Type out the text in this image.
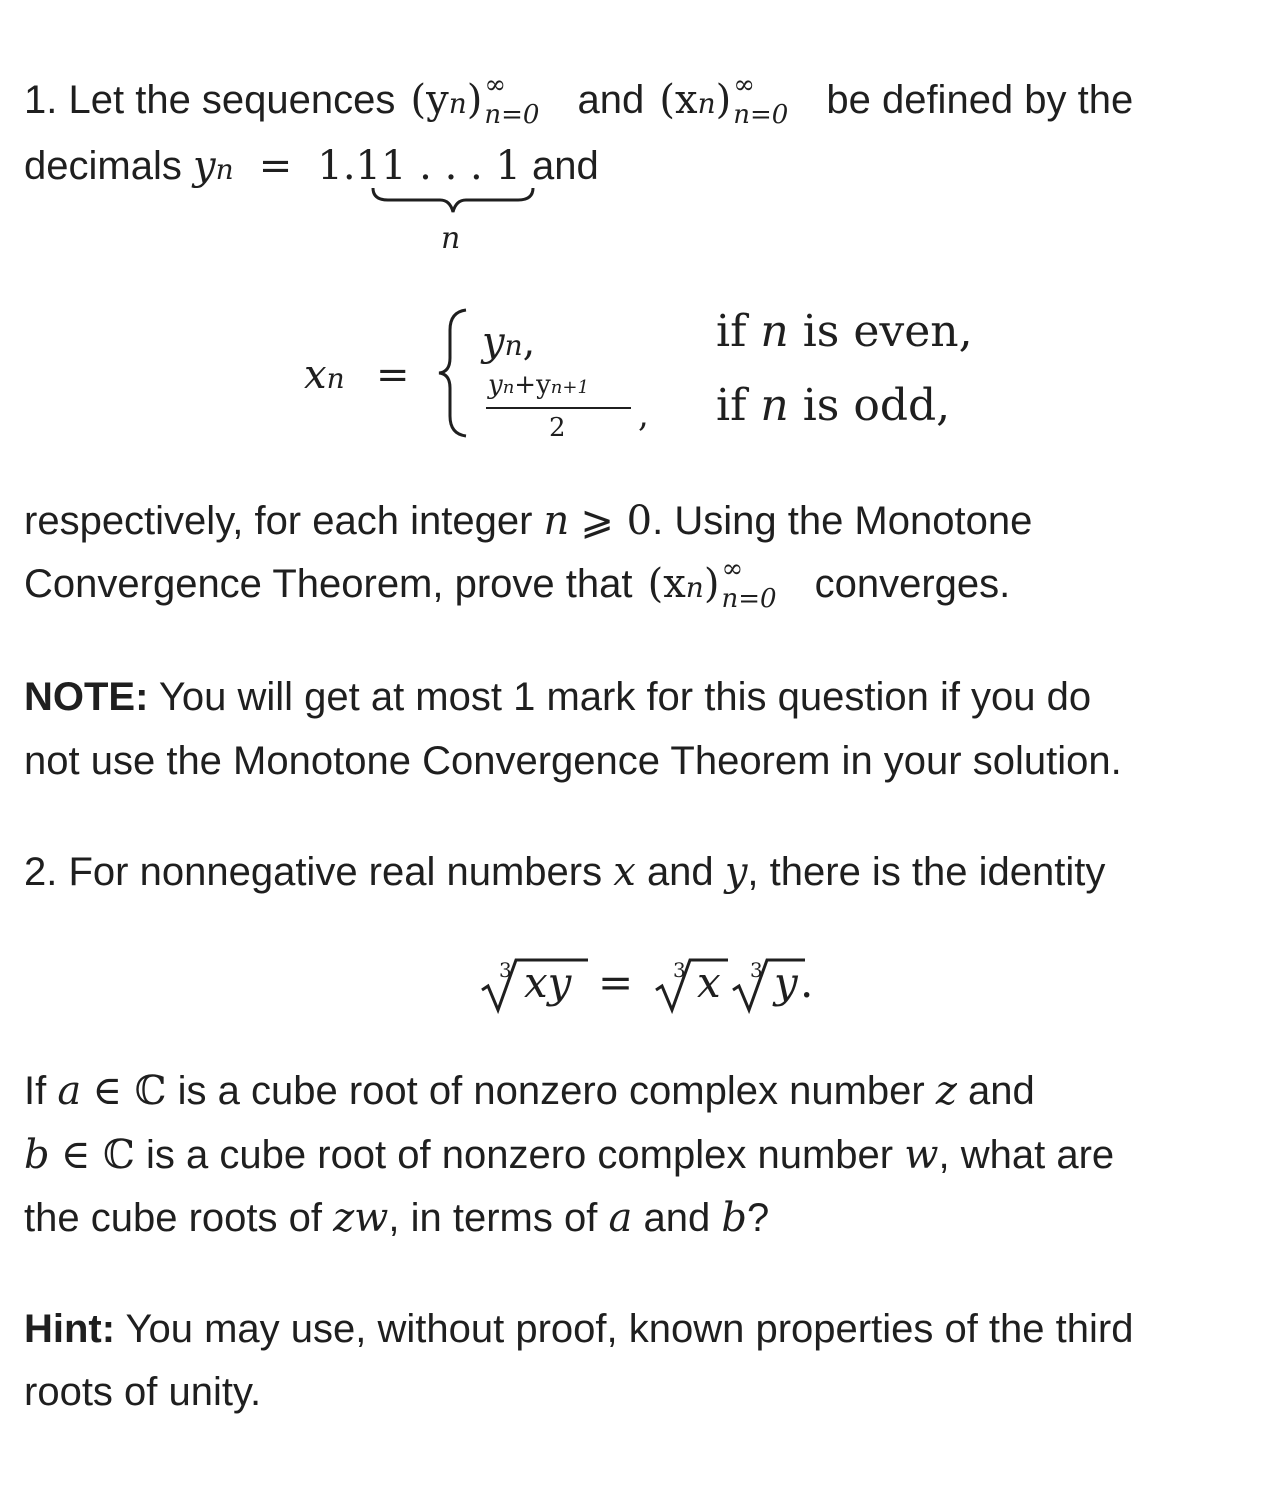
1. Let the sequences (yn) ∞
n=0 and (xn) ∞
n=0 be defined by the
decimals yn = 1.11 . . . 1 and
n
xn =
yn,	if n is even,
yn+yn+1
2 , if n is odd,
respectively, for each integer n ⩾ 0. Using the Monotone
Convergence Theorem, prove that (xn) ∞
n=0 converges.
NOTE: You will get at most 1 mark for this question if you do
not use the Monotone Convergence Theorem in your solution.
2. For nonnegative real numbers x and y, there is the identity
3 xy = 3 x 3 y .
If a ∈ ℂ is a cube root of nonzero complex number z and
b ∈ ℂ is a cube root of nonzero complex number w, what are
the cube roots of zw, in terms of a and b?
Hint: You may use, without proof, known properties of the third
roots of unity.
